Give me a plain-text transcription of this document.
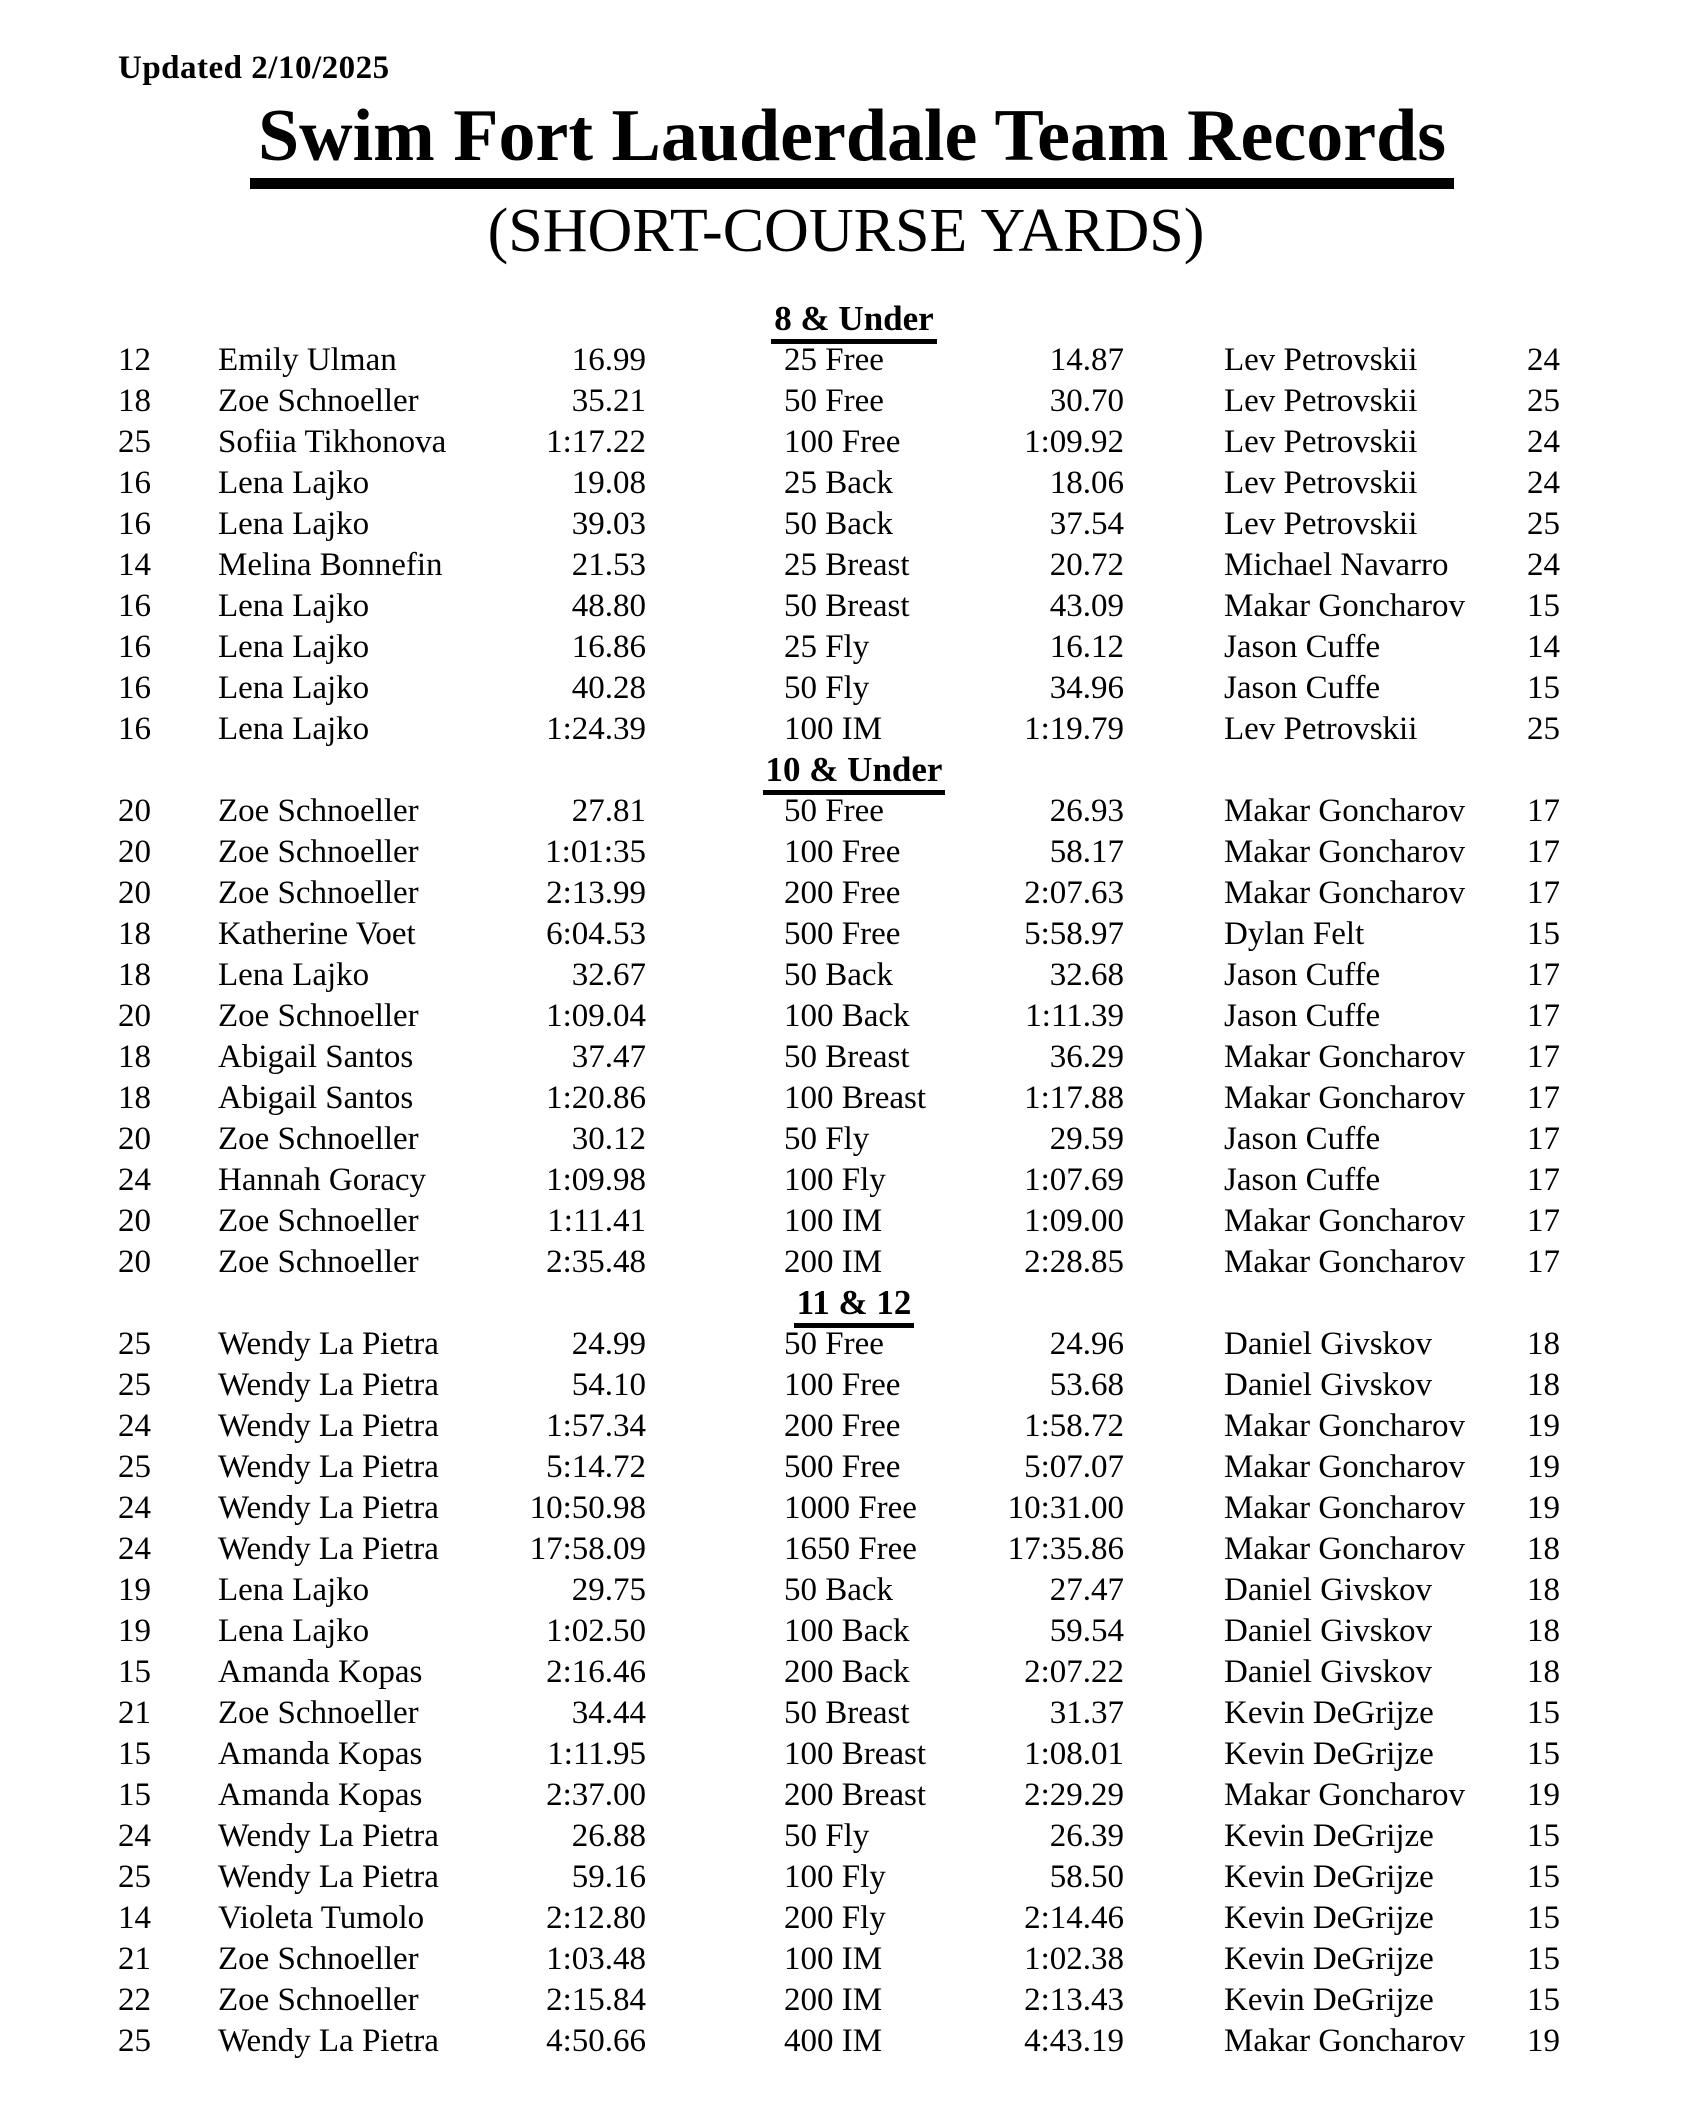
Updated 2/10/2025
Swim Fort Lauderdale Team Records
(SHORT-COURSE YARDS)
8 & Under
12	Emily Ulman	16.99	25 Free	14.87	Lev Petrovskii	24
18	Zoe Schnoeller	35.21	50 Free	30.70	Lev Petrovskii	25
25	Sofiia Tikhonova	1:17.22	100 Free	1:09.92	Lev Petrovskii	24
16	Lena Lajko	19.08	25 Back	18.06	Lev Petrovskii	24
16	Lena Lajko	39.03	50 Back	37.54	Lev Petrovskii	25
14	Melina Bonnefin	21.53	25 Breast	20.72	Michael Navarro	24
16	Lena Lajko	48.80	50 Breast	43.09	Makar Goncharov	15
16	Lena Lajko	16.86	25 Fly	16.12	Jason Cuffe	14
16	Lena Lajko	40.28	50 Fly	34.96	Jason Cuffe	15
16	Lena Lajko	1:24.39	100 IM	1:19.79	Lev Petrovskii	25
10 & Under
20	Zoe Schnoeller	27.81	50 Free	26.93	Makar Goncharov	17
20	Zoe Schnoeller	1:01:35	100 Free	58.17	Makar Goncharov	17
20	Zoe Schnoeller	2:13.99	200 Free	2:07.63	Makar Goncharov	17
18	Katherine Voet	6:04.53	500 Free	5:58.97	Dylan Felt	15
18	Lena Lajko	32.67	50 Back	32.68	Jason Cuffe	17
20	Zoe Schnoeller	1:09.04	100 Back	1:11.39	Jason Cuffe	17
18	Abigail Santos	37.47	50 Breast	36.29	Makar Goncharov	17
18	Abigail Santos	1:20.86	100 Breast	1:17.88	Makar Goncharov	17
20	Zoe Schnoeller	30.12	50 Fly	29.59	Jason Cuffe	17
24	Hannah Goracy	1:09.98	100 Fly	1:07.69	Jason Cuffe	17
20	Zoe Schnoeller	1:11.41	100 IM	1:09.00	Makar Goncharov	17
20	Zoe Schnoeller	2:35.48	200 IM	2:28.85	Makar Goncharov	17
11 & 12
25	Wendy La Pietra	24.99	50 Free	24.96	Daniel Givskov	18
25	Wendy La Pietra	54.10	100 Free	53.68	Daniel Givskov	18
24	Wendy La Pietra	1:57.34	200 Free	1:58.72	Makar Goncharov	19
25	Wendy La Pietra	5:14.72	500 Free	5:07.07	Makar Goncharov	19
24	Wendy La Pietra	10:50.98	1000 Free	10:31.00	Makar Goncharov	19
24	Wendy La Pietra	17:58.09	1650 Free	17:35.86	Makar Goncharov	18
19	Lena Lajko	29.75	50 Back	27.47	Daniel Givskov	18
19	Lena Lajko	1:02.50	100 Back	59.54	Daniel Givskov	18
15	Amanda Kopas	2:16.46	200 Back	2:07.22	Daniel Givskov	18
21	Zoe Schnoeller	34.44	50 Breast	31.37	Kevin DeGrijze	15
15	Amanda Kopas	1:11.95	100 Breast	1:08.01	Kevin DeGrijze	15
15	Amanda Kopas	2:37.00	200 Breast	2:29.29	Makar Goncharov	19
24	Wendy La Pietra	26.88	50 Fly	26.39	Kevin DeGrijze	15
25	Wendy La Pietra	59.16	100 Fly	58.50	Kevin DeGrijze	15
14	Violeta Tumolo	2:12.80	200 Fly	2:14.46	Kevin DeGrijze	15
21	Zoe Schnoeller	1:03.48	100 IM	1:02.38	Kevin DeGrijze	15
22	Zoe Schnoeller	2:15.84	200 IM	2:13.43	Kevin DeGrijze	15
25	Wendy La Pietra	4:50.66	400 IM	4:43.19	Makar Goncharov	19
